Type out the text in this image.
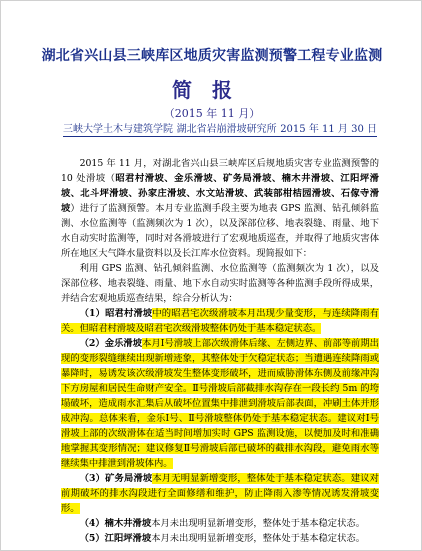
湖北省兴山县三峡库区地质灾害监测预警工程专业监测
简报
（2015 年 11 月）
三峡大学土木与建筑学院 湖北省岩崩滑坡研究所 2015 年 11 月 30 日

2015 年 11 月，对湖北省兴山县三峡库区后规地质灾害专业监测预警的 10 处滑坡（昭君村滑坡、金乐滑坡、矿务局滑坡、楠木井滑坡、江阳坪滑坡、北斗坪滑坡、孙家庄滑坡、水文站滑坡、武装部柑桔园滑坡、石傢寺滑坡）进行了监测预警。本月专业监测手段主要为地表 GPS 监测、钻孔倾斜监测、水位监测等（监测频次为 1 次），以及深部位移、地表裂缝、雨量、地下水自动实时监测等，同时对各滑坡进行了宏观地质巡查，并取得了地质灾害体所在地区大气降水量资料以及长江库水位资料。现简报如下：

利用 GPS 监测、钻孔倾斜监测、水位监测等（监测频次为 1 次），以及深部位移、地表裂缝、雨量、地下水自动实时监测等各种监测手段所得成果，并结合宏观地质巡查结果，综合分析认为：

（1）昭君村滑坡中的昭君宅次级滑坡本月出现少量变形，与连续降雨有关。但昭君村滑坡及昭君宅次级滑坡整体仍处于基本稳定状态。

（2）金乐滑坡本月Ⅰ号滑坡上部次级滑体后缘、左侧边界、前部等前期出现的变形裂缝继续出现新增迹象，其整体处于欠稳定状态；当遭遇连续降雨或暴降时，易诱发该次级滑坡发生整体变形破坏，进而威胁滑体东侧及前缘冲沟下方房屋和居民生命财产安全。Ⅱ号滑坡后部截排水沟存在一段长约 5m 的垮塌破坏，造成雨水汇集后从破坏位置集中排泄到滑坡后部表面，冲刷土体并形成冲沟。总体来看，金乐Ⅰ号、Ⅱ号滑坡整体仍处于基本稳定状态。建议对Ⅰ号滑坡上部的次级滑体在适当时间增加实时 GPS 监测设施，以便加及时和准确地掌握其变形情况；建议修复Ⅱ号滑坡后部已破坏的截排水沟段，避免雨水等继续集中排泄到滑坡体内。

（3）矿务局滑坡本月无明显新增变形，整体处于基本稳定状态。建议对前期破坏的排水沟段进行全面修缮和维护，防止降雨入渗等情况诱发滑坡变形。

（4）楠木井滑坡本月未出现明显新增变形，整体处于基本稳定状态。

（5）江阳坪滑坡本月未出现明显新增变形，整体处于基本稳定状态。
